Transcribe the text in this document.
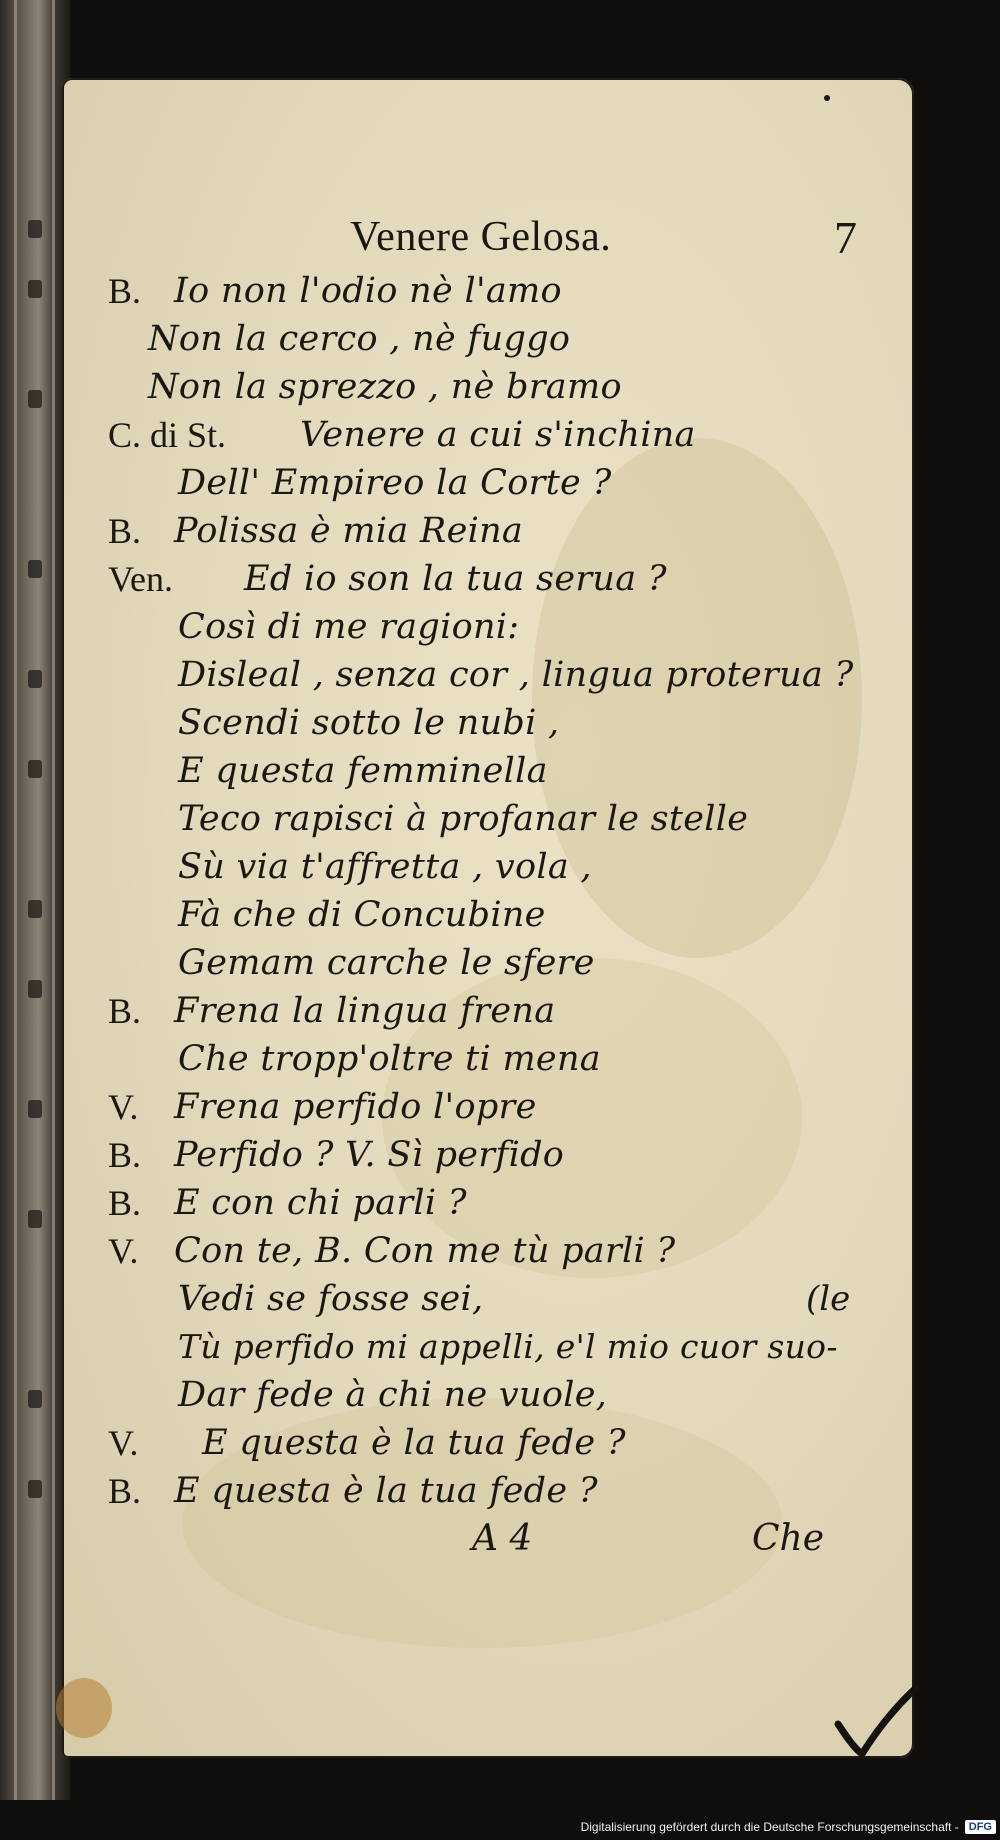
Venere Gelosa.	7
B. Io non l'odio nè l'amo
Non la cerco , nè fuggo
Non la sprezzo , nè bramo
C. di St. Venere a cui s'inchina
Dell' Empireo la Corte ?
B. Polissa è mia Reina
Ven. Ed io son la tua serua ?
Così di me ragioni:
Disleal , senza cor , lingua proterua ?
Scendi sotto le nubi ,
E questa femminella
Teco rapisci à profanar le stelle
Sù via t'affretta , vola ,
Fà che di Concubine
Gemam carche le sfere
B. Frena la lingua frena
Che tropp'oltre ti mena
V. Frena perfido l'opre
B. Perfido ? V. Sì perfido
B. E con chi parli ?
V. Con te, B. Con me tù parli ?
Vedi se fosse sei,	(le
Tù perfido mi appelli, e'l mio cuor suo-
Dar fede à chi ne vuole,
V. E questa è la tua fede ?
B. E questa è la tua fede ?
A 4	Che
Digitalisierung gefördert durch die Deutsche Forschungsgemeinschaft - DFG
